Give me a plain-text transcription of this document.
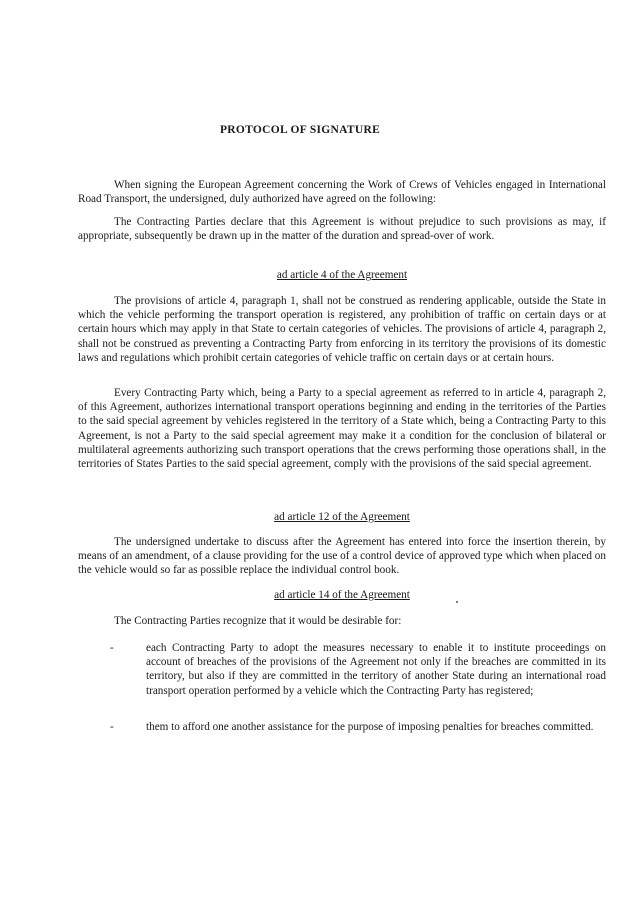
PROTOCOL OF SIGNATURE

When signing the European Agreement concerning the Work of Crews of Vehicles engaged in International Road Transport, the undersigned, duly authorized have agreed on the following:

The Contracting Parties declare that this Agreement is without prejudice to such provisions as may, if appropriate, subsequently be drawn up in the matter of the duration and spread-over of work.

ad article 4 of the Agreement

The provisions of article 4, paragraph 1, shall not be construed as rendering applicable, outside the State in which the vehicle performing the transport operation is registered, any prohibition of traffic on certain days or at certain hours which may apply in that State to certain categories of vehicles. The provisions of article 4, paragraph 2, shall not be construed as preventing a Contracting Party from enforcing in its territory the provisions of its domestic laws and regulations which prohibit certain categories of vehicle traffic on certain days or at certain hours.

Every Contracting Party which, being a Party to a special agreement as referred to in article 4, paragraph 2, of this Agreement, authorizes international transport operations beginning and ending in the territories of the Parties to the said special agreement by vehicles registered in the territory of a State which, being a Contracting Party to this Agreement, is not a Party to the said special agreement may make it a condition for the conclusion of bilateral or multilateral agreements authorizing such transport operations that the crews performing those operations shall, in the territories of States Parties to the said special agreement, comply with the provisions of the said special agreement.

ad article 12 of the Agreement

The undersigned undertake to discuss after the Agreement has entered into force the insertion therein, by means of an amendment, of a clause providing for the use of a control device of approved type which when placed on the vehicle would so far as possible replace the individual control book.

ad article 14 of the Agreement
The Contracting Parties recognize that it would be desirable for:
-	each Contracting Party to adopt the measures necessary to enable it to institute proceedings on account of breaches of the provisions of the Agreement not only if the breaches are committed in its territory, but also if they are committed in the territory of another State during an international road transport operation performed by a vehicle which the Contracting Party has registered;
-	them to afford one another assistance for the purpose of imposing penalties for breaches committed.
